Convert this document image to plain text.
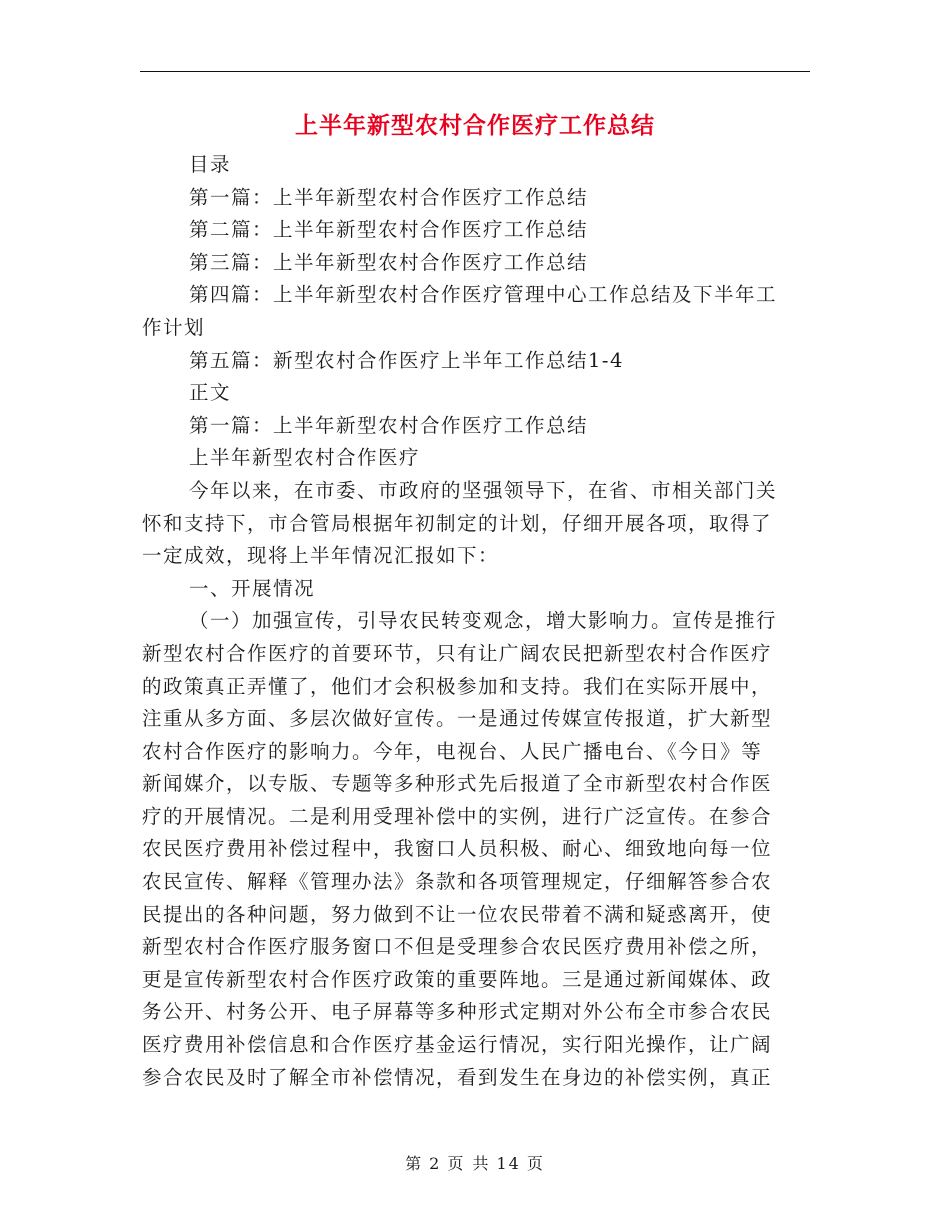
上半年新型农村合作医疗工作总结
目录
第一篇：上半年新型农村合作医疗工作总结
第二篇：上半年新型农村合作医疗工作总结
第三篇：上半年新型农村合作医疗工作总结
第四篇：上半年新型农村合作医疗管理中心工作总结及下半年工
作计划
第五篇：新型农村合作医疗上半年工作总结1-4
正文
第一篇：上半年新型农村合作医疗工作总结
上半年新型农村合作医疗
今年以来，在市委、市政府的坚强领导下，在省、市相关部门关
怀和支持下，市合管局根据年初制定的计划，仔细开展各项，取得了
一定成效，现将上半年情况汇报如下：
一、开展情况
（一）加强宣传，引导农民转变观念，增大影响力。宣传是推行
新型农村合作医疗的首要环节，只有让广阔农民把新型农村合作医疗
的政策真正弄懂了，他们才会积极参加和支持。我们在实际开展中，
注重从多方面、多层次做好宣传。一是通过传媒宣传报道，扩大新型
农村合作医疗的影响力。今年，电视台、人民广播电台、《今日》等
新闻媒介，以专版、专题等多种形式先后报道了全市新型农村合作医
疗的开展情况。二是利用受理补偿中的实例，进行广泛宣传。在参合
农民医疗费用补偿过程中，我窗口人员积极、耐心、细致地向每一位
农民宣传、解释《管理办法》条款和各项管理规定，仔细解答参合农
民提出的各种问题，努力做到不让一位农民带着不满和疑惑离开，使
新型农村合作医疗服务窗口不但是受理参合农民医疗费用补偿之所，
更是宣传新型农村合作医疗政策的重要阵地。三是通过新闻媒体、政
务公开、村务公开、电子屏幕等多种形式定期对外公布全市参合农民
医疗费用补偿信息和合作医疗基金运行情况，实行阳光操作，让广阔
参合农民及时了解全市补偿情况，看到发生在身边的补偿实例，真正
第 2 页 共 14 页
